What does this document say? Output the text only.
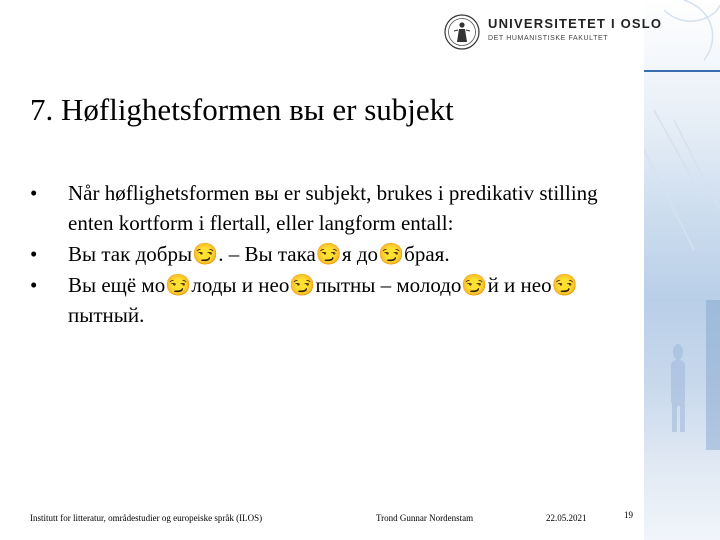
UNIVERSITETET I OSLO
DET HUMANISTISKE FAKULTET
7. Høflighetsformen вы er subjekt
• Når høflighetsformen вы er subjekt, brukes i predikativ stilling enten kortform i flertall, eller langform entall:
• Вы так добры😏. – Вы така😏я до😏брая.
• Вы ещё мо😏лоды и нео😏пытны – молодо😏й и нео😏пытный.
Institutt for litteratur, områdestudier og europeiske språk (ILOS)	Trond Gunnar Nordenstam	22.05.2021	19
